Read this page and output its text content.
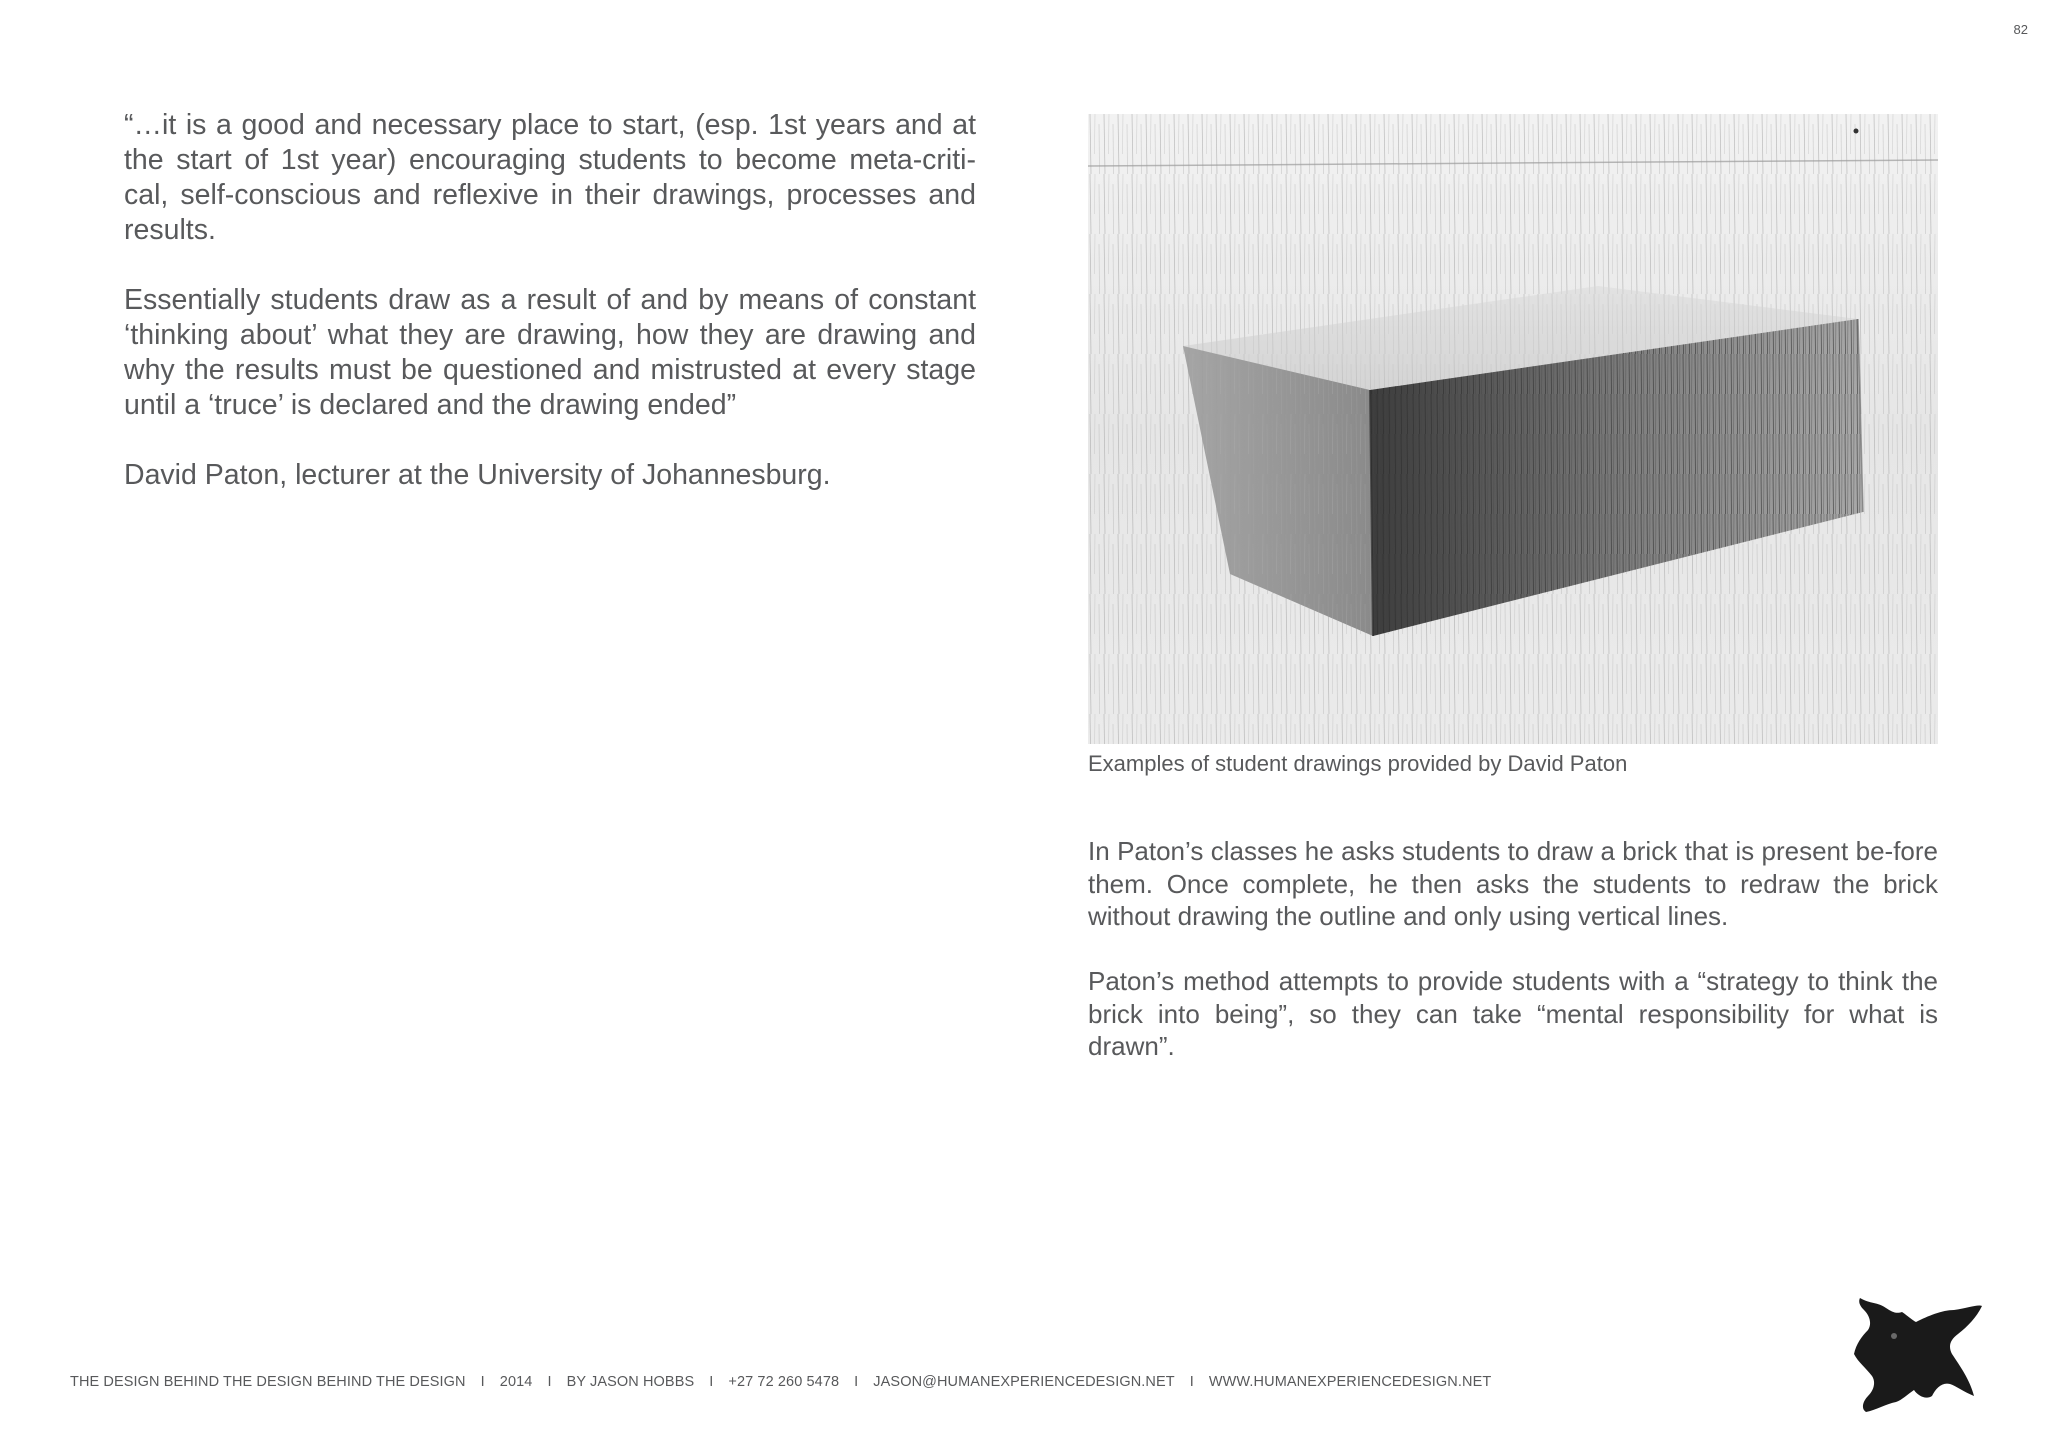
82

“…it is a good and necessary place to start, (esp. 1st years and at the start of 1st year) encouraging students to become meta-criti-cal, self-conscious and reflexive in their drawings, processes and results.

Essentially students draw as a result of and by means of constant ‘thinking about’ what they are drawing, how they are drawing and why the results must be questioned and mistrusted at every stage until a ‘truce’ is declared and the drawing ended”

David Paton, lecturer at the University of Johannesburg.

Examples of student drawings provided by David Paton

In Paton’s classes he asks students to draw a brick that is present be-fore them. Once complete, he then asks the students to redraw the brick without drawing the outline and only using vertical lines.

Paton’s method attempts to provide students with a “strategy to think the brick into being”, so they can take “mental responsibility for what is drawn”.

THE DESIGN BEHIND THE DESIGN BEHIND THE DESIGN I 2014 I BY JASON HOBBS I +27 72 260 5478 I JASON@HUMANEXPERIENCEDESIGN.NET I WWW.HUMANEXPERIENCEDESIGN.NET
